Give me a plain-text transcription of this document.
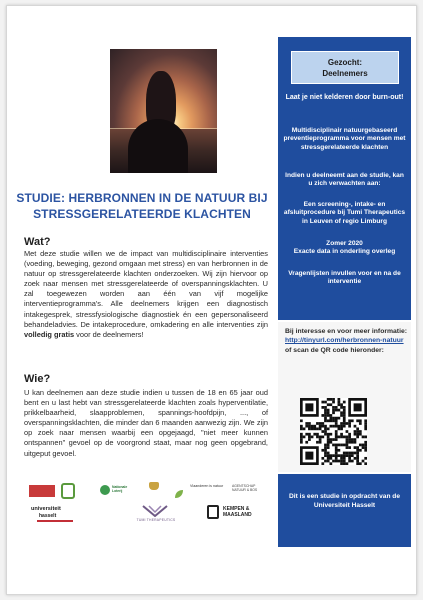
STUDIE: HERBRONNEN IN DE NATUUR BIJ
STRESSGERELATEERDE KLACHTEN
Wat?
Met deze studie willen we de impact van multidisciplinaire interventies (voeding, beweging, gezond omgaan met stress) en van herbronnen in de natuur op stressgerelateerde klachten onderzoeken. Wij zijn hiervoor op zoek naar mensen met stressgerelateerde of overspanningsklachten. U zal toegewezen worden aan één van vijf mogelijke interventieprogramma's. Alle deelnemers krijgen een diagnostisch intakegesprek, stressfysiologische diagnostiek én een gepersonaliseerd behandeladvies. De intakeprocedure, omkadering en alle interventies zijn volledig gratis voor de deelnemers!
Wie?
U kan deelnemen aan deze studie indien u tussen de 18 en 65 jaar oud bent en u last hebt van stressgerelateerde klachten zoals hyperventilatie, prikkelbaarheid, slaapproblemen, spannings-hoofdpijn, ..., of overspanningsklachten, die minder dan 6 maanden aanwezig zijn. We zijn op zoek naar mensen waarbij een opgejaagd, "niet meer kunnen ontspannen" gevoel op de voorgrond staat, maar nog geen opgebrand, uitgeput gevoel.
Gezocht:
Deelnemers
Laat je niet kelderen door burn-out!
Multidisciplinair natuurgebaseerd preventieprogramma voor mensen met stressgerelateerde klachten
Indien u deelneemt aan de studie, kan u zich verwachten aan:
Een screening-, intake- en afsluitprocedure bij Tumi Therapeutics in Leuven of regio Limburg
Zomer 2020
Exacte data in onderling overleg
Vragenlijsten invullen voor en na de interventie
Bij interesse en voor meer informatie:
http://tinyurl.com/herbronnen-natuur
of scan de QR code hieronder:
Dit is een studie in opdracht van de Universiteit Hasselt
Nationale Loterij
Vlaanderen is natuur	AGENTSCHAP NATUUR & BOS
universiteit
hasselt
TUMI THERAPEUTICS
KEMPEN &
MAASLAND
